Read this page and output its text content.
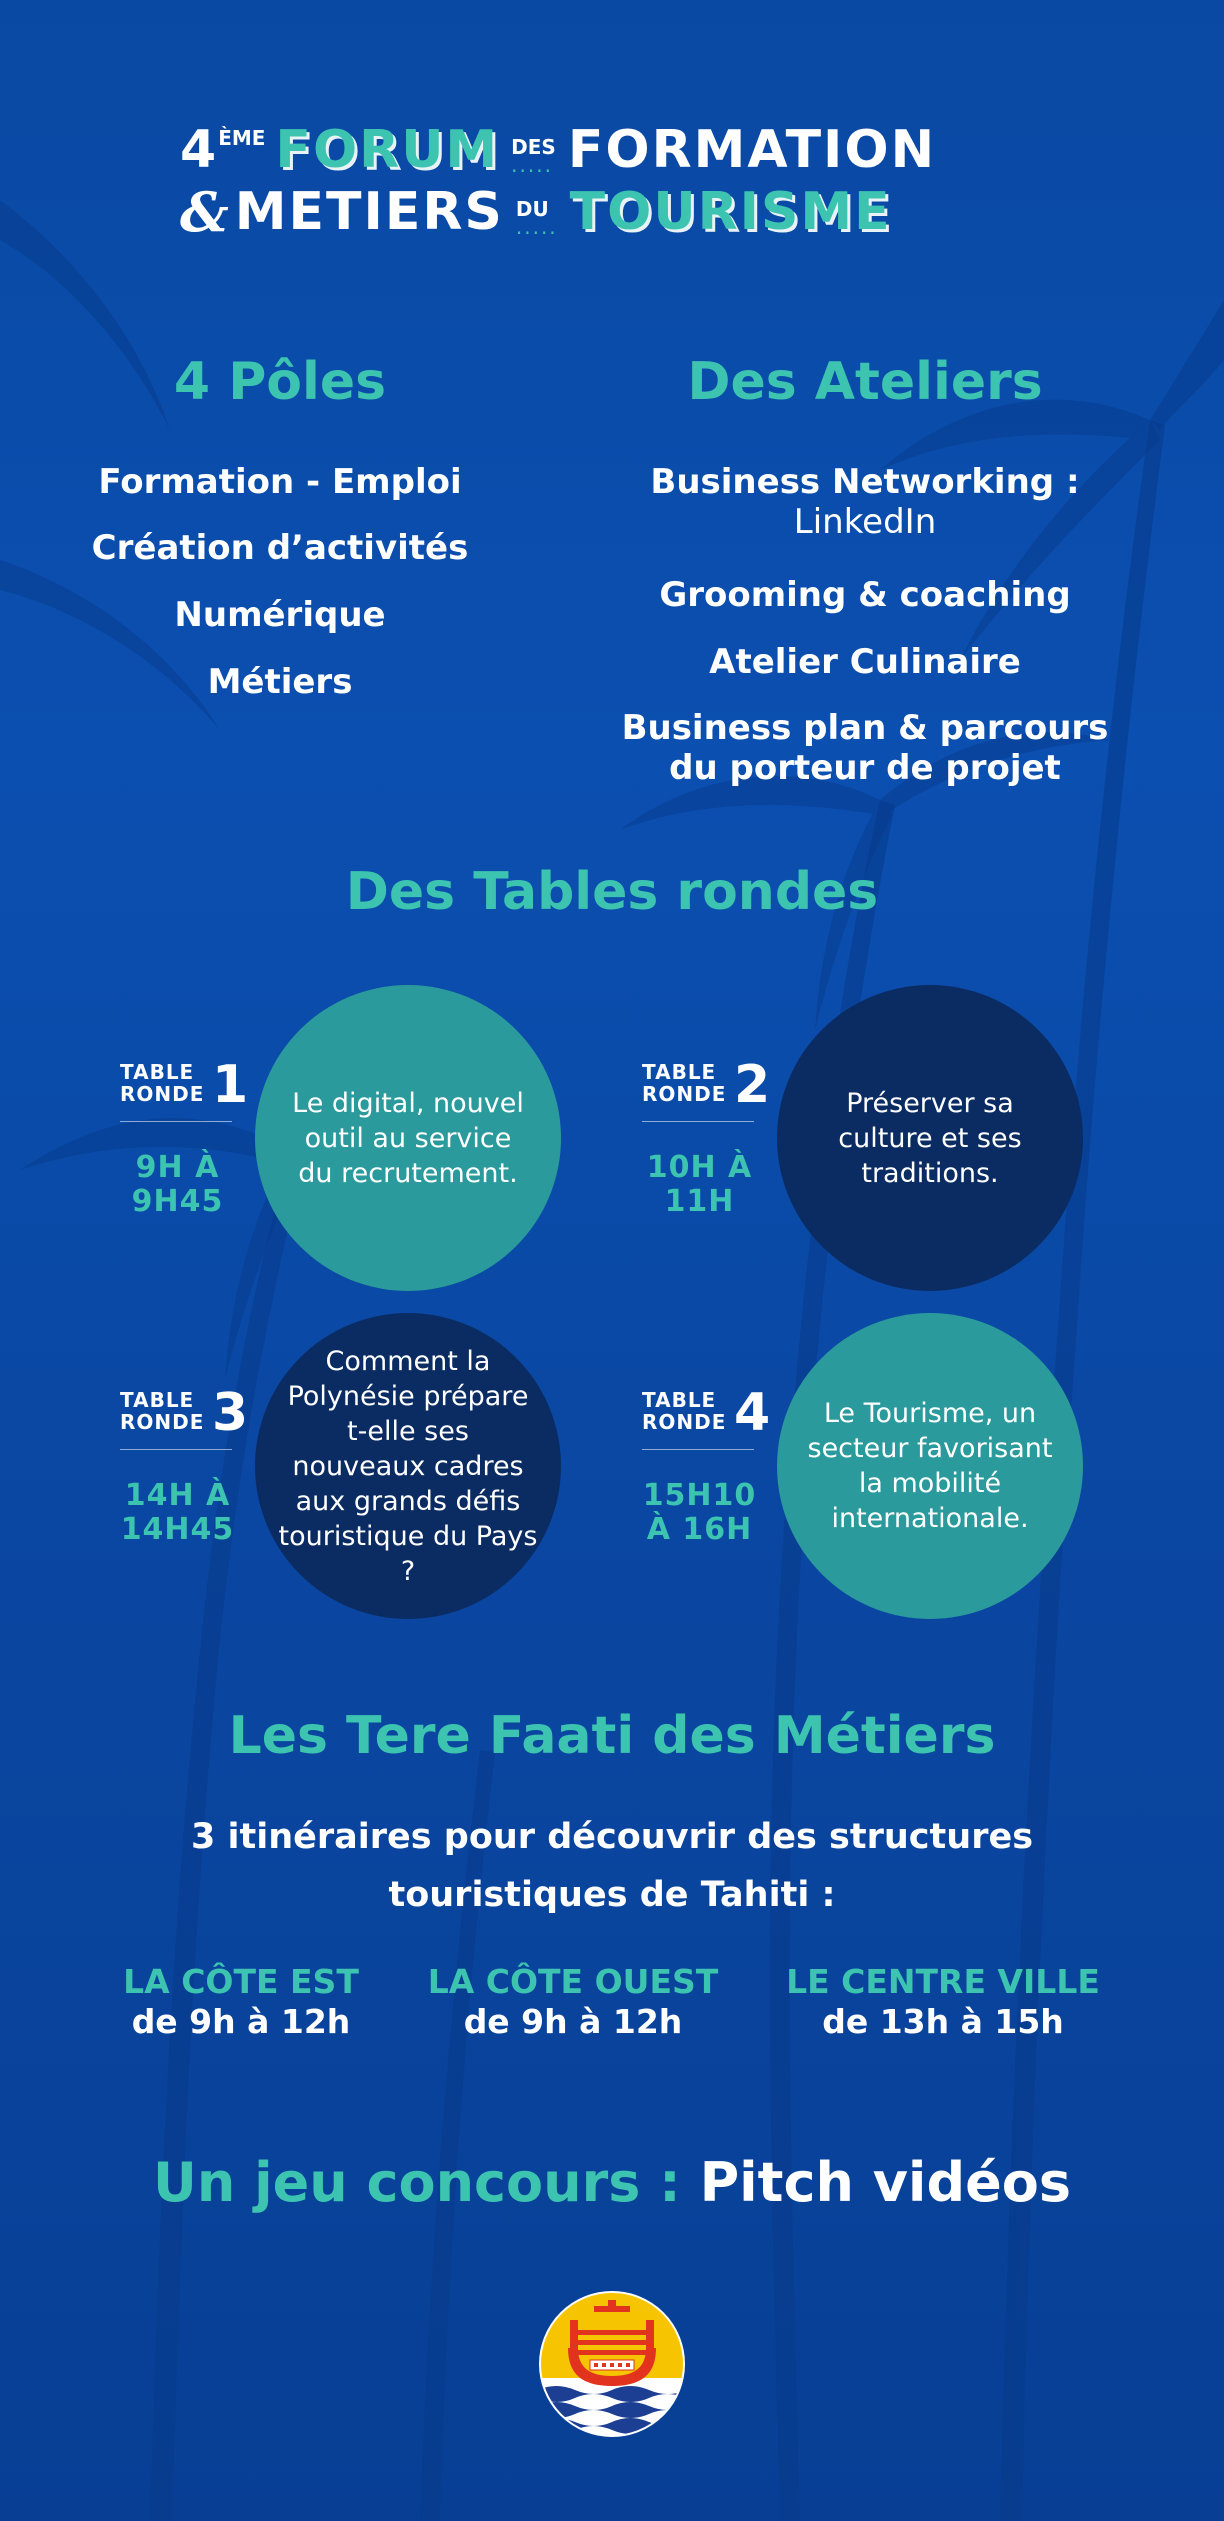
4 ÈME FORUM DES
..... FORMATION
& METIERS DU
..... TOURISME
4 Pôles
Formation - Emploi
Création d’activités
Numérique
Métiers
Des Ateliers
Business Networking :
LinkedIn
Grooming & coaching
Atelier Culinaire
Business plan & parcours
du porteur de projet
Des Tables rondes
TABLE
RONDE 1
9H À
9H45
Le digital, nouvel outil au service du recrutement.
TABLE
RONDE 2
10H À
11H
Préserver sa culture et ses traditions.
TABLE
RONDE 3
14H À
14H45
Comment la Polynésie prépare t-elle ses nouveaux cadres aux grands défis touristique du Pays ?
TABLE
RONDE 4
15H10
À 16H
Le Tourisme, un secteur favorisant la mobilité internationale.
Les Tere Faati des Métiers
3 itinéraires pour découvrir des structures
touristiques de Tahiti :
LA CÔTE EST
de 9h à 12h
LA CÔTE OUEST
de 9h à 12h
LE CENTRE VILLE
de 13h à 15h
Un jeu concours : Pitch vidéos
